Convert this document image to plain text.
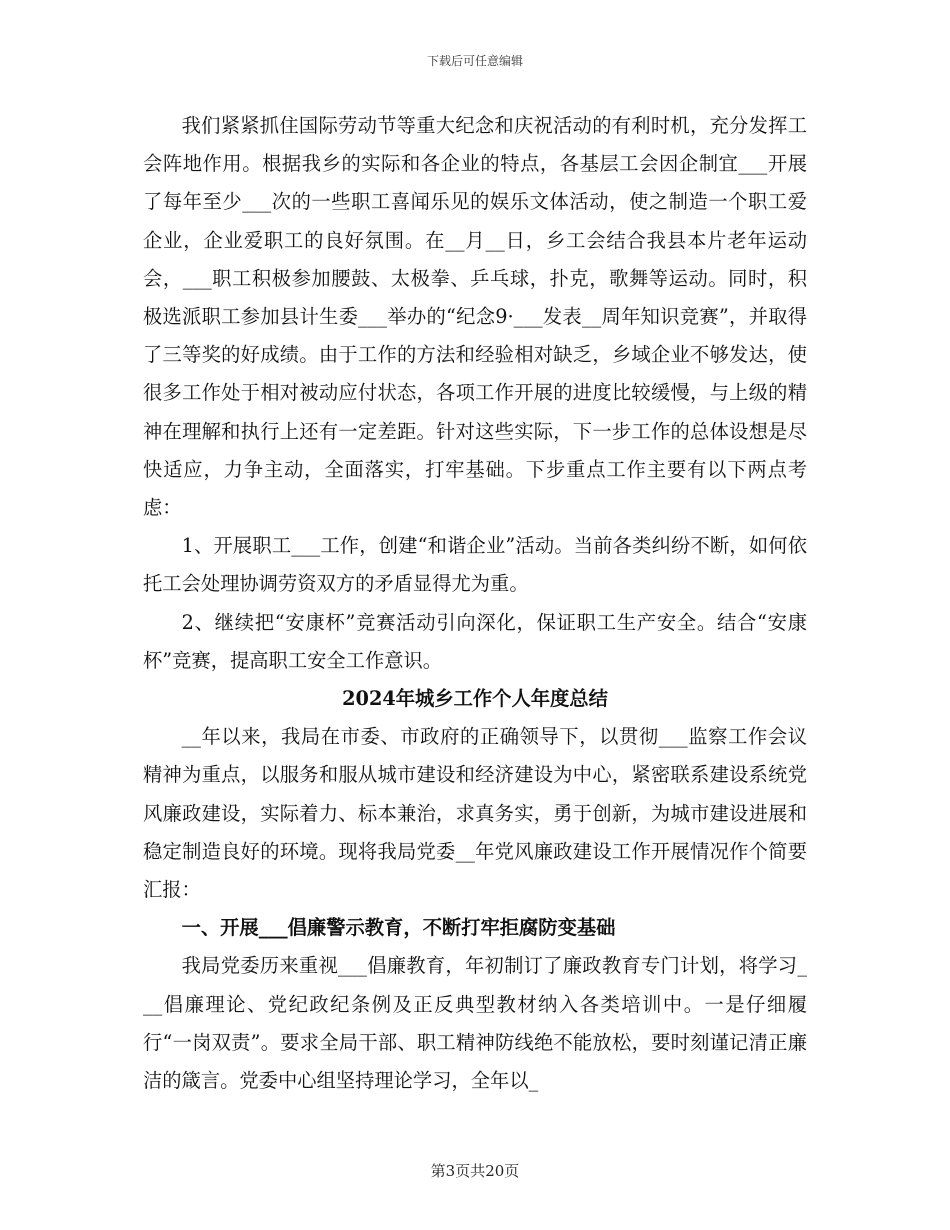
下载后可任意编辑

我们紧紧抓住国际劳动节等重大纪念和庆祝活动的有利时机，充分发挥工会阵地作用。根据我乡的实际和各企业的特点，各基层工会因企制宜___开展了每年至少___次的一些职工喜闻乐见的娱乐文体活动，使之制造一个职工爱企业，企业爱职工的良好氛围。在__月__日，乡工会结合我县本片老年运动会，___职工积极参加腰鼓、太极拳、乒乓球，扑克，歌舞等运动。同时，积极选派职工参加县计生委___举办的“纪念9·___发表__周年知识竞赛”，并取得了三等奖的好成绩。由于工作的方法和经验相对缺乏，乡域企业不够发达，使很多工作处于相对被动应付状态，各项工作开展的进度比较缓慢，与上级的精神在理解和执行上还有一定差距。针对这些实际，下一步工作的总体设想是尽快适应，力争主动，全面落实，打牢基础。下步重点工作主要有以下两点考虑：

1、开展职工___工作，创建“和谐企业”活动。当前各类纠纷不断，如何依托工会处理协调劳资双方的矛盾显得尤为重。

2、继续把“安康杯”竞赛活动引向深化，保证职工生产安全。结合“安康杯”竞赛，提高职工安全工作意识。

2024年城乡工作个人年度总结

__年以来，我局在市委、市政府的正确领导下，以贯彻___监察工作会议精神为重点，以服务和服从城市建设和经济建设为中心，紧密联系建设系统党风廉政建设，实际着力、标本兼治，求真务实，勇于创新，为城市建设进展和稳定制造良好的环境。现将我局党委__年党风廉政建设工作开展情况作个简要汇报：

一、开展___倡廉警示教育，不断打牢拒腐防变基础

我局党委历来重视___倡廉教育，年初制订了廉政教育专门计划，将学习___倡廉理论、党纪政纪条例及正反典型教材纳入各类培训中。一是仔细履行“一岗双责”。要求全局干部、职工精神防线绝不能放松，要时刻谨记清正廉洁的箴言。党委中心组坚持理论学习，全年以_

第3页共20页
